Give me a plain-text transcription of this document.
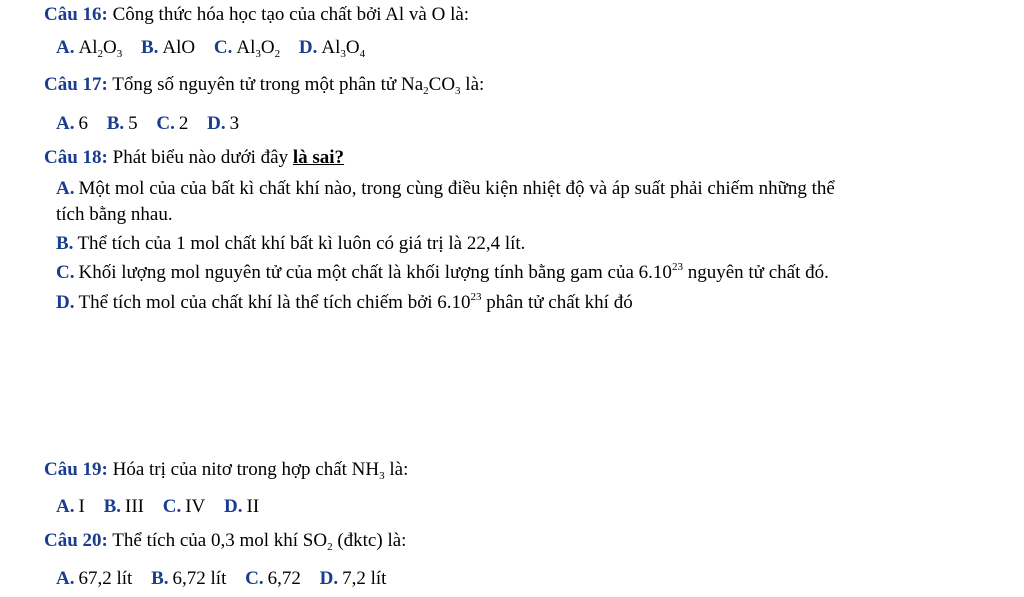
Câu 16: Công thức hóa học tạo của chất bởi Al và O là:
A. $Al_2O_3$ B. AlO C. $Al_3O_2$ D. $Al_3O_4$
Câu 17: Tổng số nguyên tử trong một phân tử $Na_2CO_3$ là:
A. 6 B. 5 C. 2 D. 3
Câu 18: Phát biểu nào dưới đây là sai?
A. Một mol của của bất kì chất khí nào, trong cùng điều kiện nhiệt độ và áp suất phải chiếm những thể
tích bằng nhau.
B. Thể tích của 1 mol chất khí bất kì luôn có giá trị là 22,4 lít.
C. Khối lượng mol nguyên tử của một chất là khối lượng tính bằng gam của 6.10$^{23}$ nguyên tử chất đó.
D. Thể tích mol của chất khí là thể tích chiếm bởi 6.10$^{23}$ phân tử chất khí đó
Câu 19: Hóa trị của nitơ trong hợp chất $NH_3$ là:
A. I B. III C. IV D. II
Câu 20: Thể tích của 0,3 mol khí $SO_2$ (đktc) là:
A. 67,2 lít B. 6,72 lít C. 6,72 D. 7,2 lít
